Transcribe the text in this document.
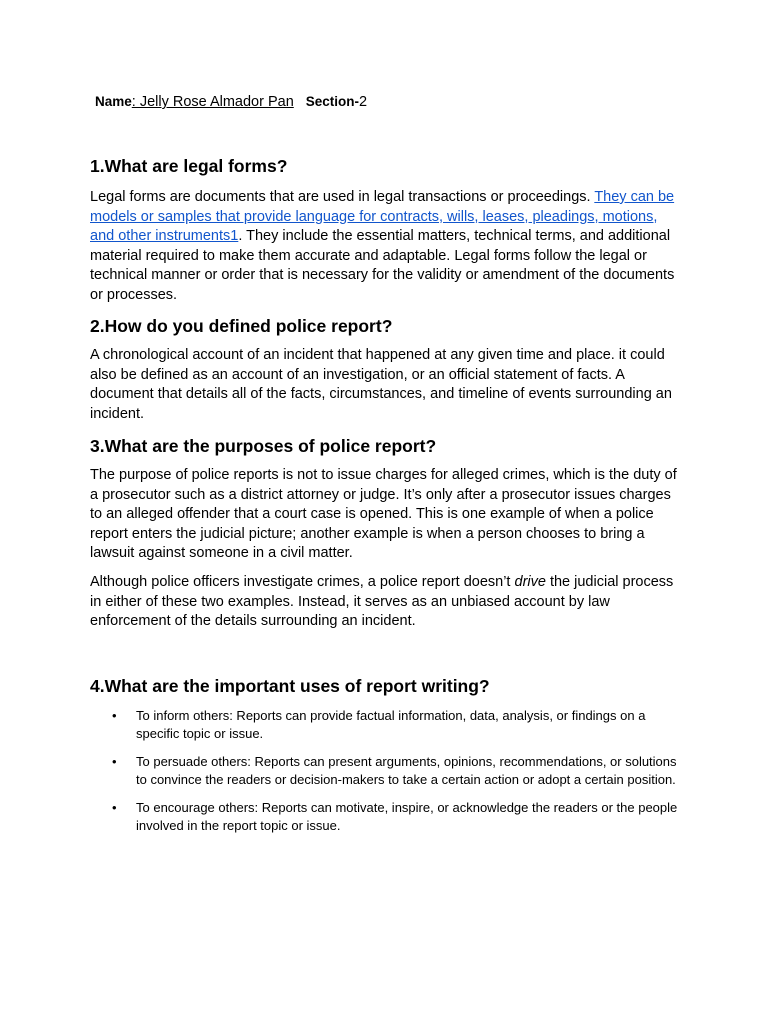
Name: Jelly Rose Almador Pan Section-2
1.What are legal forms?

Legal forms are documents that are used in legal transactions or proceedings. They can be models or samples that provide language for contracts, wills, leases, pleadings, motions, and other instruments1. They include the essential matters, technical terms, and additional material required to make them accurate and adaptable. Legal forms follow the legal or technical manner or order that is necessary for the validity or amendment of the documents or processes.

2.How do you defined police report?

A chronological account of an incident that happened at any given time and place. it could also be defined as an account of an investigation, or an official statement of facts. A document that details all of the facts, circumstances, and timeline of events surrounding an incident.

3.What are the purposes of police report?

The purpose of police reports is not to issue charges for alleged crimes, which is the duty of a prosecutor such as a district attorney or judge. It’s only after a prosecutor issues charges to an alleged offender that a court case is opened. This is one example of when a police report enters the judicial picture; another example is when a person chooses to bring a lawsuit against someone in a civil matter.

Although police officers investigate crimes, a police report doesn’t drive the judicial process in either of these two examples. Instead, it serves as an unbiased account by law enforcement of the details surrounding an incident.

4.What are the important uses of report writing?
• To inform others: Reports can provide factual information, data, analysis, or findings on a specific topic or issue.
• To persuade others: Reports can present arguments, opinions, recommendations, or solutions to convince the readers or decision-makers to take a certain action or adopt a certain position.
• To encourage others: Reports can motivate, inspire, or acknowledge the readers or the people involved in the report topic or issue.
